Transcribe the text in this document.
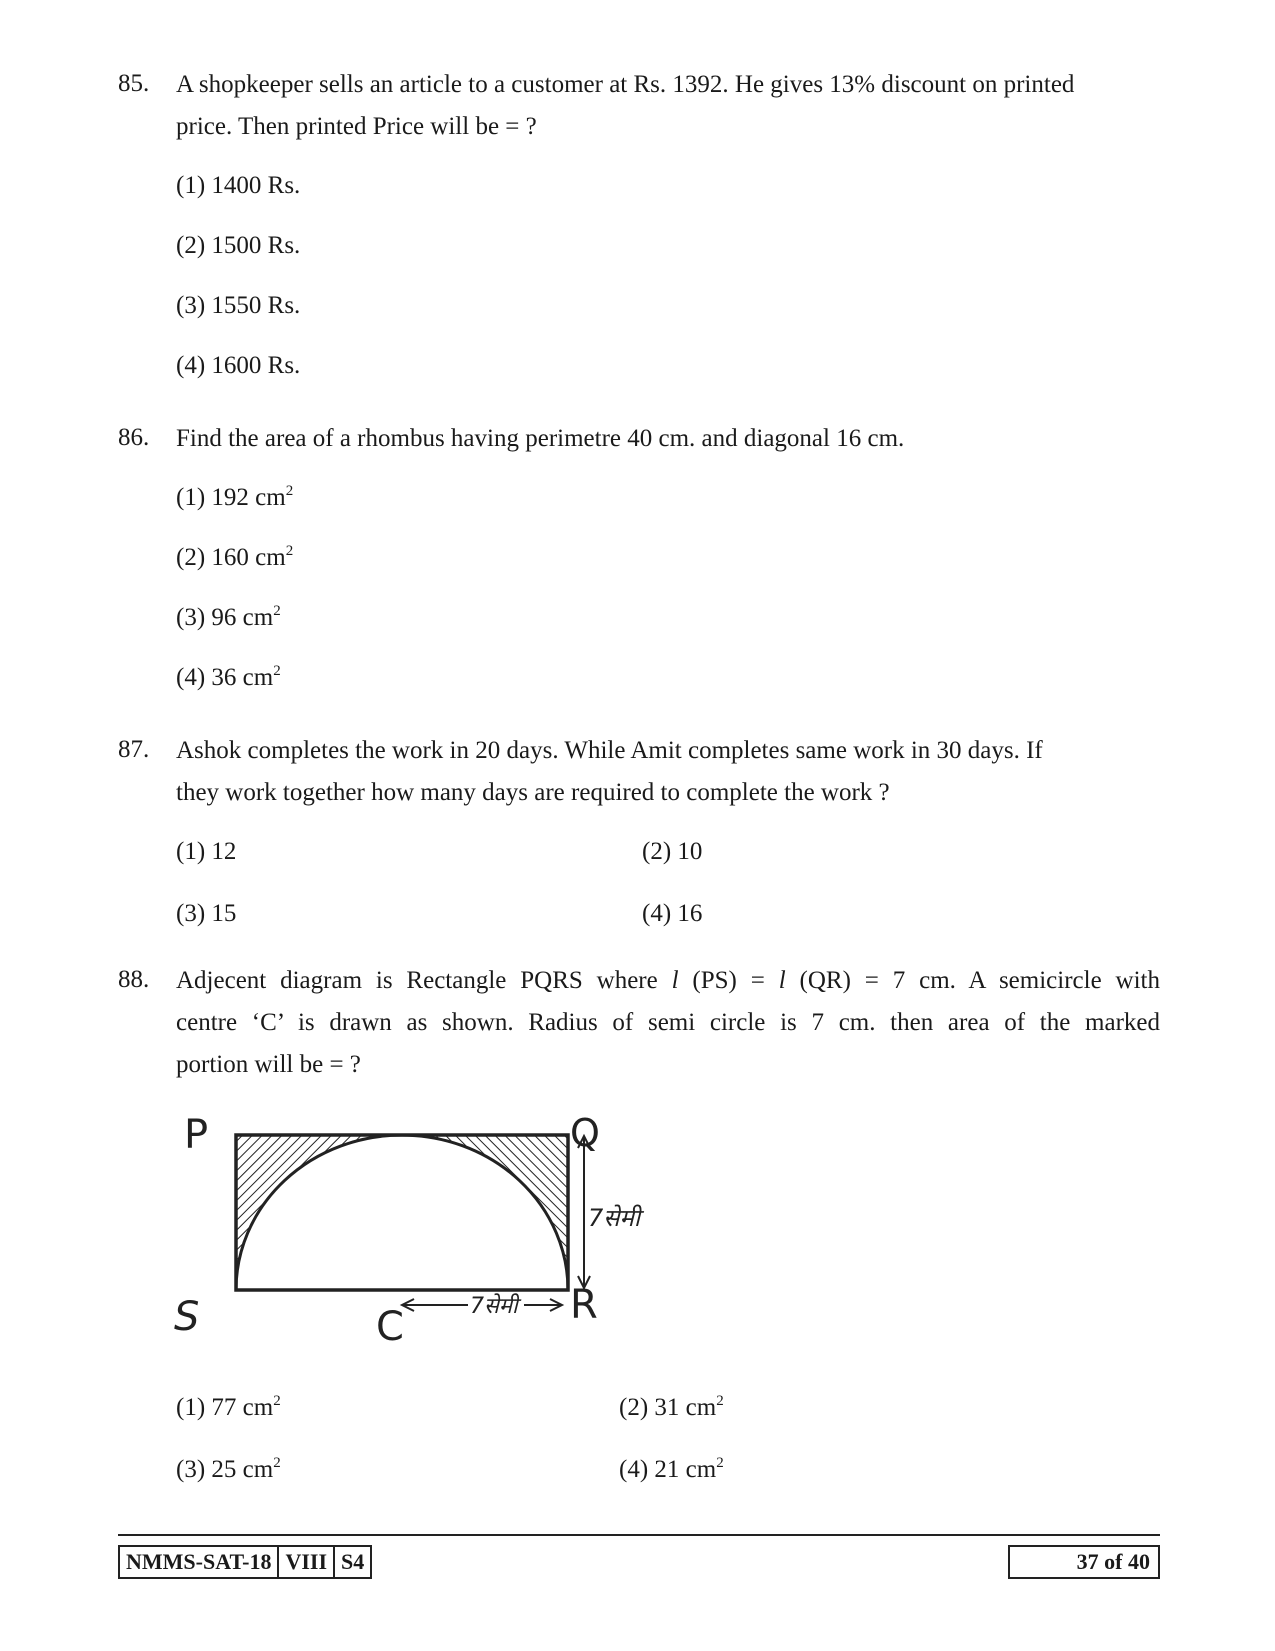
85. A shopkeeper sells an article to a customer at Rs. 1392. He gives 13% discount on printed
price. Then printed Price will be = ?
(1) 1400 Rs.
(2) 1500 Rs.
(3) 1550 Rs.
(4) 1600 Rs.
86. Find the area of a rhombus having perimetre 40 cm. and diagonal 16 cm.
(1) 192 $cm^2$
(2) 160 $cm^2$
(3) 96 $cm^2$
(4) 36 $cm^2$
87. Ashok completes the work in 20 days. While Amit completes same work in 30 days. If
they work together how many days are required to complete the work ?
(1) 12	(2) 10
(3) 15	(4) 16
88. Adjecent diagram is Rectangle PQRS where l (PS) = l (QR) = 7 cm. A semicircle with
centre ‘C’ is drawn as shown. Radius of semi circle is 7 cm. then area of the marked
portion will be = ?
P	Q
R
S	C
7सेमी
7सेमी
(1) 77 $cm^2$	(2) 31 $cm^2$
(3) 25 $cm^2$	(4) 21 $cm^2$
NMMS-SAT-18 VIII S4	37 of 40
